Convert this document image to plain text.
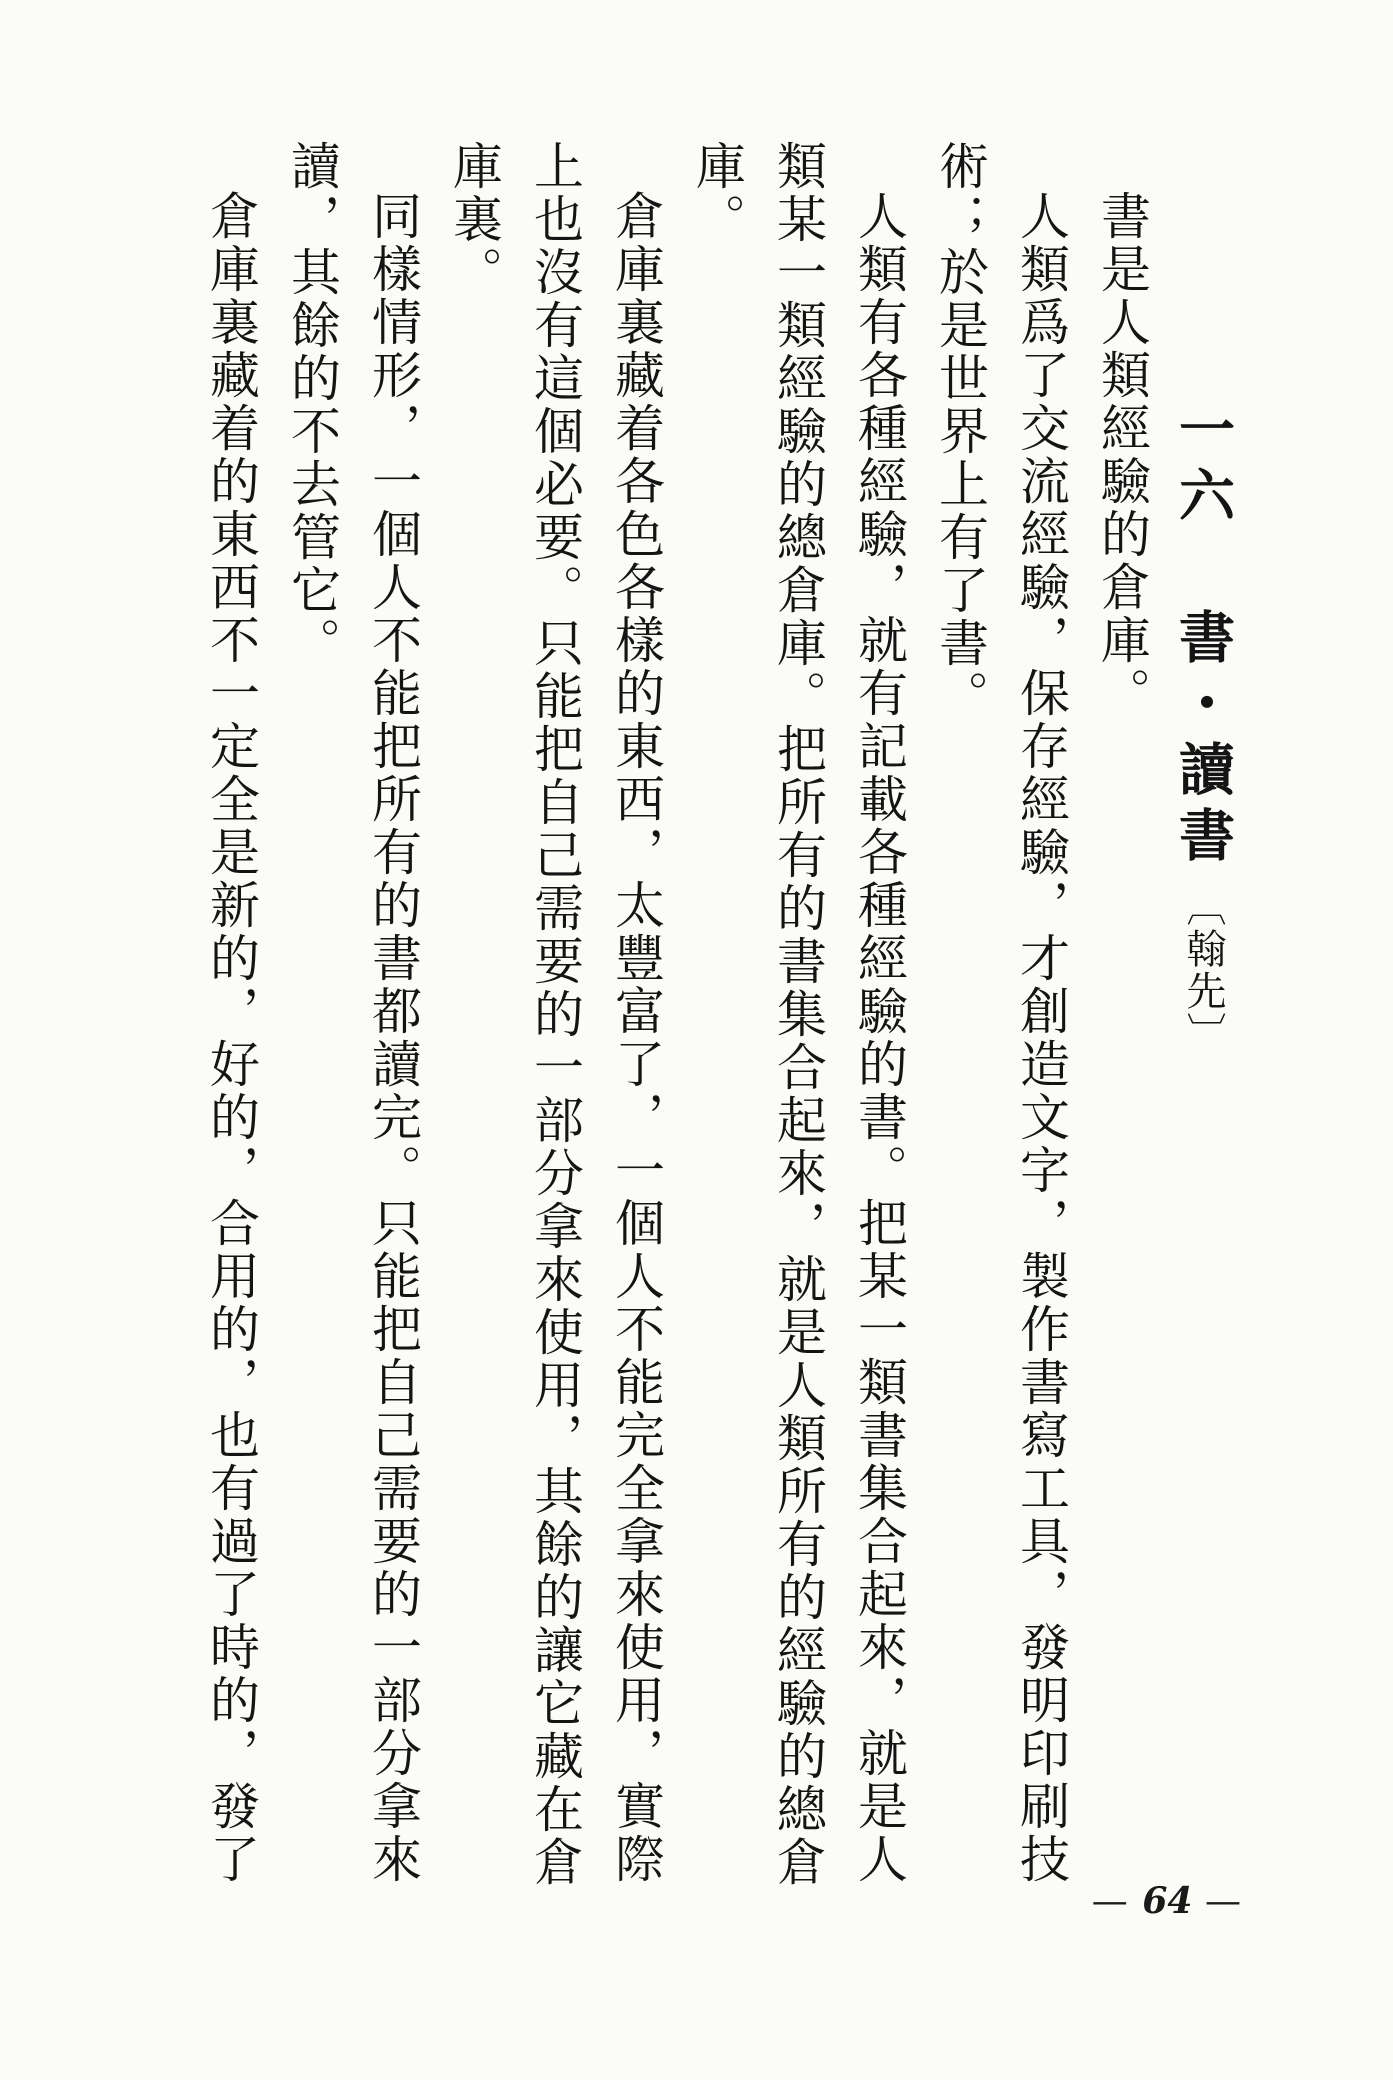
一六 書・讀書〔翰先〕

書是人類經驗的倉庫。

人類爲了交流經驗，保存經驗，才創造文字，製作書寫工具，發明印刷技術；於是世界上有了書。

人類有各種經驗，就有記載各種經驗的書。把某一類書集合起來，就是人類某一類經驗的總倉庫。把所有的書集合起來，就是人類所有的經驗的總倉庫。

倉庫裏藏着各色各樣的東西，太豐富了，一個人不能完全拿來使用，實際上也沒有這個必要。只能把自己需要的一部分拿來使用，其餘的讓它藏在倉庫裏。

同樣情形，一個人不能把所有的書都讀完。只能把自己需要的一部分拿來讀，其餘的不去管它。

倉庫裏藏着的東西不一定全是新的，好的，合用的，也有過了時的，發了

— 64 —
